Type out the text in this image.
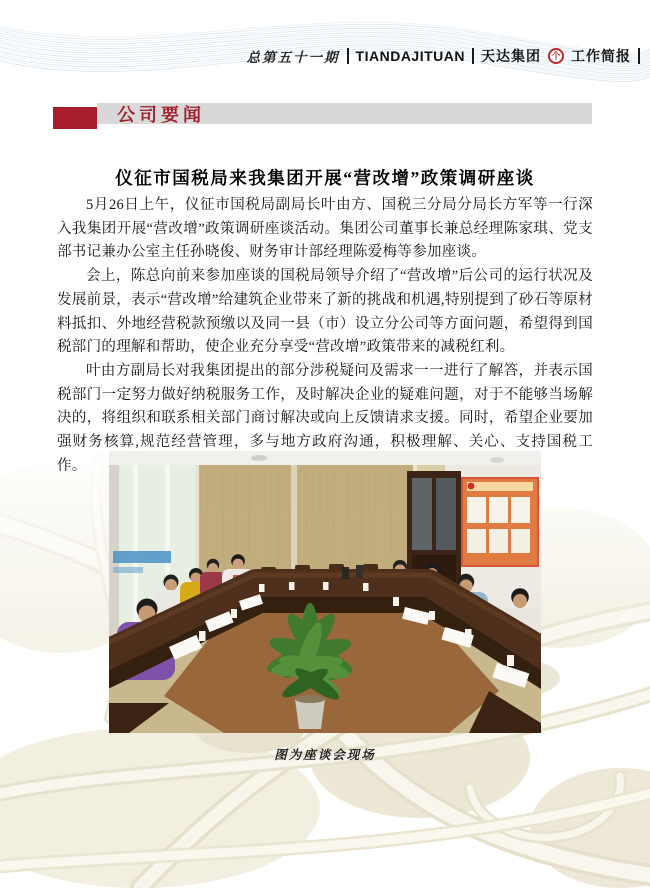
总第五十一期 TIANDAJITUAN 天达集团	个 工作简报
公司要闻
仪征市国税局来我集团开展“营改增”政策调研座谈

5月26日上午，仪征市国税局副局长叶由方、国税三分局分局长方军等一行深入我集团开展“营改增”政策调研座谈活动。集团公司董事长兼总经理陈家琪、党支部书记兼办公室主任孙晓俊、财务审计部经理陈爱梅等参加座谈。

会上，陈总向前来参加座谈的国税局领导介绍了“营改增”后公司的运行状况及发展前景，表示“营改增”给建筑企业带来了新的挑战和机遇,特别提到了砂石等原材料抵扣、外地经营税款预缴以及同一县（市）设立分公司等方面问题，希望得到国税部门的理解和帮助，使企业充分享受“营改增”政策带来的减税红利。

叶由方副局长对我集团提出的部分涉税疑问及需求一一进行了解答，并表示国税部门一定努力做好纳税服务工作，及时解决企业的疑难问题，对于不能够当场解决的，将组织和联系相关部门商讨解决或向上反馈请求支援。同时，希望企业要加强财务核算,规范经营管理，多与地方政府沟通，积极理解、关心、支持国税工作。

图为座谈会现场
